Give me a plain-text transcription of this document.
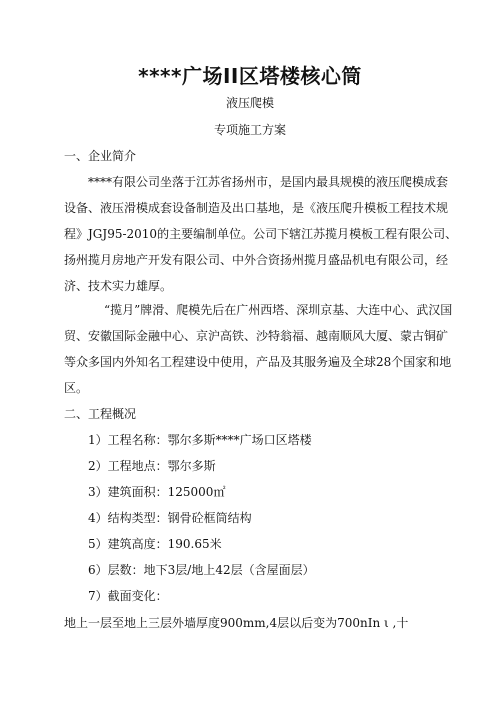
****广场II区塔楼核心筒
液压爬模
专项施工方案
一、企业简介
****有限公司坐落于江苏省扬州市，是国内最具规模的液压爬模成套
设备、液压滑模成套设备制造及出口基地，是《液压爬升模板工程技术规
程》JGJ95-2010的主要编制单位。公司下辖江苏揽月模板工程有限公司、
扬州揽月房地产开发有限公司、中外合资扬州揽月盛品机电有限公司，经
济、技术实力雄厚。
“揽月”牌滑、爬模先后在广州西塔、深圳京基、大连中心、武汉国
贸、安徽国际金融中心、京沪高铁、沙特翁福、越南顺风大厦、蒙古铜矿
等众多国内外知名工程建设中使用，产品及其服务遍及全球28个国家和地
区。
二、工程概况
1）工程名称：鄂尔多斯****广场口区塔楼
2）工程地点：鄂尔多斯
3）建筑面积：125000㎡
4）结构类型：钢骨砼框筒结构
5）建筑高度：190.65米
6）层数：地下3层/地上42层（含屋面层）
7）截面变化：
地上一层至地上三层外墙厚度900mm,4层以后变为700nIn ι ,十
